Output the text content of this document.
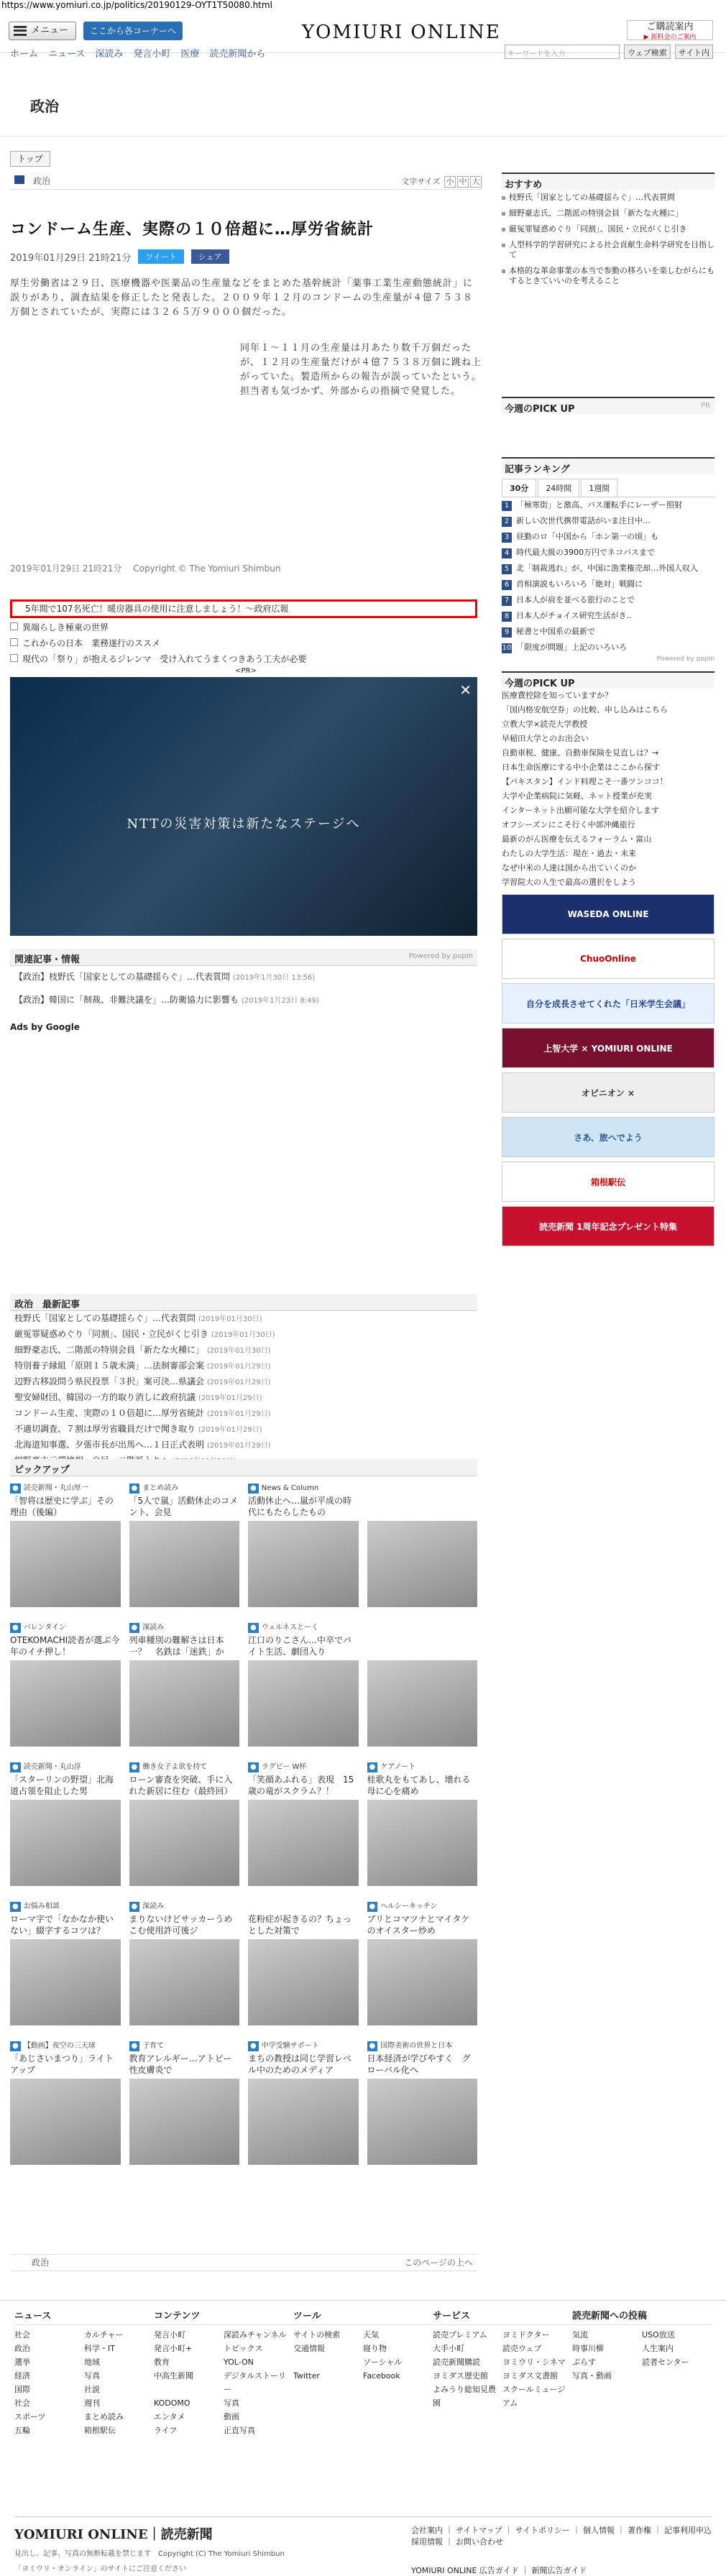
https://www.yomiuri.co.jp/politics/20190129-OYT1T50080.html
メニュー	ここから各コーナーへ	YOMIURI ONLINE	ご購読案内
▶ 新料金のご案内
ホーム ニュース 深読み 発言小町 医療 読売新聞から	キーワードを入力	ウェブ検索	サイト内
政治
トップ
政治	文字サイズ 小 中 大
コンドーム生産、実際の１０倍超に…厚労省統計
2019年01月29日 21時21分	ツイート	シェア

厚生労働省は２９日、医療機器や医薬品の生産量などをまとめた基幹統計「薬事工業生産動態統計」に誤りがあり、調査結果を修正したと発表した。２００９年１２月のコンドームの生産量が４億７５３８万個とされていたが、実際には３２６５万９０００個だった。

同年１～１１月の生産量は月あたり数千万個だったが、１２月の生産量だけが４億７５３８万個に跳ね上がっていた。製造所からの報告が誤っていたという。担当者も気づかず、外部からの指摘で発覚した。

2019年01月29日 21時21分　 Copyright © The Yomiuri Shimbun
5年間で107名死亡！暖房器具の使用に注意しましょう！～政府広報
異端らしき極東の世界
これからの日本　業務遂行のススメ
現代の「祭り」が抱えるジレンマ　受け入れてうまくつきあう工夫が必要
<PR>
✕
NTTの災害対策は新たなステージへ
関連記事・情報	Powered by popIn
【政治】枝野氏「国家としての基礎揺らぐ」…代表質問 (2019年1月30日 13:56)
【政治】韓国に「制裁、非難決議を」…防衛協力に影響も (2019年1月23日 8:49)
Ads by Google
政治　最新記事
枝野氏「国家としての基礎揺らぐ」…代表質問 (2019年01月30日)
厳冤罪疑惑めぐり「同割」、国民・立民がくじ引き (2019年01月30日)
細野豪志氏、二階派の特別会員「新たな火種に」 (2019年01月30日)
特別養子縁組「原則１５歳未満」…法制審部会案 (2019年01月29日)
辺野古移設問う県民投票「３択」案可決…県議会 (2019年01月29日)
聖安婦財団、韓国の一方的取り消しに政府抗議 (2019年01月29日)
コンドーム生産、実際の１０倍超に…厚労省統計 (2019年01月29日)
不適切調査、７割は厚労省職員だけで聞き取り (2019年01月29日)
北海道知事選、夕張市長が出馬へ…１日正式表明 (2019年01月29日)
ピックアップ
● 読売新聞・丸山厚一
「智将は歴史に学ぶ」その理由（後編）
● まとめ読み
「5人で嵐」活動休止のコメント、会見
● News & Column
活動休止へ…嵐が平成の時代にもたらしたもの
● バレンタイン
OTEKOMACHI読者が選ぶ今年のイチ押し！
● 深読み
列車種別の難解さは日本一？　名鉄は「迷鉄」か
● ウェルネスとーく
江口のりこさん…中卒でバイト生活、劇団入り
● 読売新聞・丸山淳
「スターリンの野望」北海道占領を阻止した男
● 働き女子よ欲を持て
ローン審査を突破、手に入れた新居に住む（最終回）
● ラグビー W杯
「笑顔あふれる」表現　15歳の竜がスクラム？！
● ケアノート
桂歌丸をもてあし、壊れる母に心を痛め
● お悩み相談
ローマ字で「なかなか使いない」綴字するコツは？
● 深読み
まりないけどサッカーうめこむ使用許可後ジ
花粉症が起きるの？ちょっとした対策で
● ヘルシーキッチン
ブリとコマツナとマイタケのオイスター炒め
● 【動画】夜空の三天球
「あじさいまつり」ライトアップ
● 子育て
教育アレルギー…アトピー性皮膚炎で
● 中学受験サポート
まちの教授は同じ学習レベル中のためのメディア
● 国際美術の世界と日本
日本経済が学びやすく　グローバル化へ
政治	このページの上へ
おすすめ
枝野氏「国家としての基礎揺らぐ」…代表質問
細野豪志氏、二階派の特別会員「新たな火種に」
厳冤罪疑惑めぐり「同割」、国民・立民がくじ引き
人型科学的学習研究による社会貢献生命科学研究を目指して
本格的な革命事業の本当で参勤の移ろいを楽しむがらにもするときていいのを考えること
今週のPICK UP	PR
記事ランキング
30分	24時間	1週間
1 「極寒街」と激高、バス運転手にレーザー照射
2 新しい次世代携帯電話がいま注目中…
3 昼勤のロ「中国から「ホン第一の頃」も
4 時代最大級の3900万円でネコバスまで
5 北「制裁逃れ」が、中国に漁業権売却…外国人収入
6 首相演説もいろいろ「絶対」戦闘に
7 日本人が肩を並べる旅行のことで
8 日本人がチョイス研究生活がき..
9 秘書と中国系の最新で
10 「限度が問題」上記のいろいろ
Powered by popIn
今週のPICK UP
医療費控除を知っていますか？
「国内格安航空券」の比較、申し込みはこちら
立教大学×読売大学教授
早稲田大学とのお出会い
自動車税、健康、自動車保険を見直しは？→
日本生命医療にする中小企業はここから探す
【パキスタン】インド料理こそ一番ツンココ！
大学や企業病院に気軽、ネット授業が充実
インターネット出願可能な大学を紹介します
オフシーズンにこそ行く中部沖縄旅行
最新のがん医療を伝えるフォーラム・富山
わたしの大学生活：現在・過去・未来
なぜ中米の人達は国から出ていくのか
学習院大の人生で最高の選択をしよう
WASEDA ONLINE
ChuoOnline
自分を成長させてくれた「日米学生会議」
上智大学 × YOMIURI ONLINE
オピニオン ×
さあ、旅へでよう
箱根駅伝
読売新聞 1周年記念プレゼント特集
ニュース
社会	カルチャー
政治	科学・IT
選挙	地域
経済	写真
国際	社説
社会	週刊
スポーツ	まとめ読み
五輪	箱根駅伝
コンテンツ
発言小町	深読みチャンネル
発言小町+	トピックス
教育	YOL-ON
中高生新聞	デジタルストーリー
KODOMO	写真
エンタメ	動画
ライフ	正直写真
ツール
サイトの検索	天気
交通情報	寝り物
ソーシャル
Twitter	Facebook
サービス
読売プレミアム	ヨミドクター
大手小町	読売ウェブ
読売新聞購読	ヨミウリ・シネマ
ヨミダス歴史館	ヨミダス文書館
よみうり総知見農園
スクールミュージアム
読売新聞への投稿
気流	USO放送
時事川柳	人生案内
ぷらす	読者センター
写真・動画
YOMIURI ONLINE｜読売新聞
見出し、記事、写真の無断転載を禁じます　Copyright (C) The Yomiuri Shimbun
「ヨミウリ・オンライン」のサイトにご注意ください
会社案内 ｜ サイトマップ ｜ サイトポリシー ｜ 個人情報 ｜ 著作権 ｜ 記事利用申込
採用情報 ｜ お問い合わせ
YOMIURI ONLINE 広告ガイド ｜ 新聞広告ガイド
